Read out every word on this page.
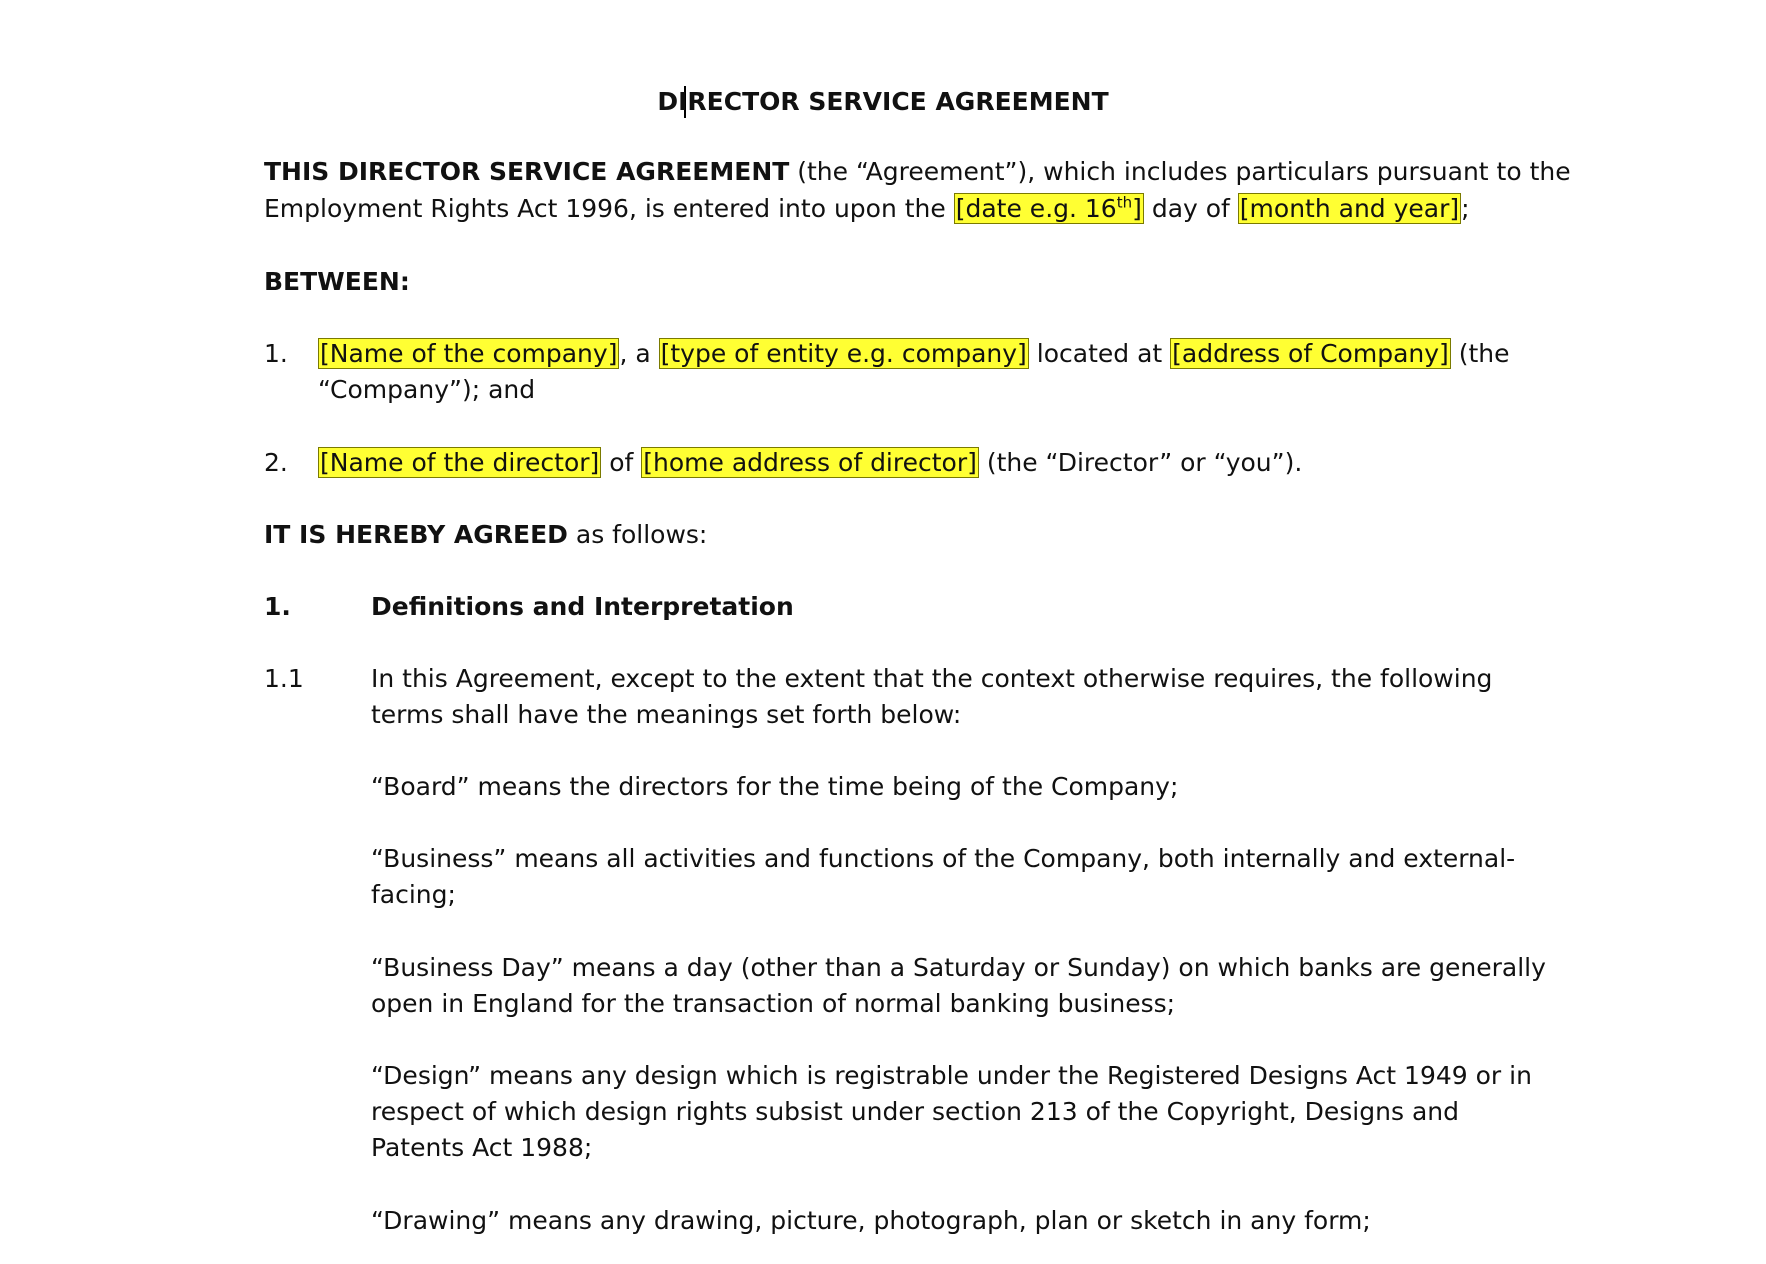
DIRECTOR SERVICE AGREEMENT
THIS DIRECTOR SERVICE AGREEMENT (the “Agreement”), which includes particulars pursuant to the
Employment Rights Act 1996, is entered into upon the [date e.g. 16th] day of [month and year];
BETWEEN:
1. [Name of the company], a [type of entity e.g. company] located at [address of Company] (the
“Company”); and
2. [Name of the director] of [home address of director] (the “Director” or “you”).
IT IS HEREBY AGREED as follows:
1.	Definitions and Interpretation
1.1	In this Agreement, except to the extent that the context otherwise requires, the following
terms shall have the meanings set forth below:
“Board” means the directors for the time being of the Company;
“Business” means all activities and functions of the Company, both internally and external-
facing;
“Business Day” means a day (other than a Saturday or Sunday) on which banks are generally
open in England for the transaction of normal banking business;
“Design” means any design which is registrable under the Registered Designs Act 1949 or in
respect of which design rights subsist under section 213 of the Copyright, Designs and
Patents Act 1988;
“Drawing” means any drawing, picture, photograph, plan or sketch in any form;
